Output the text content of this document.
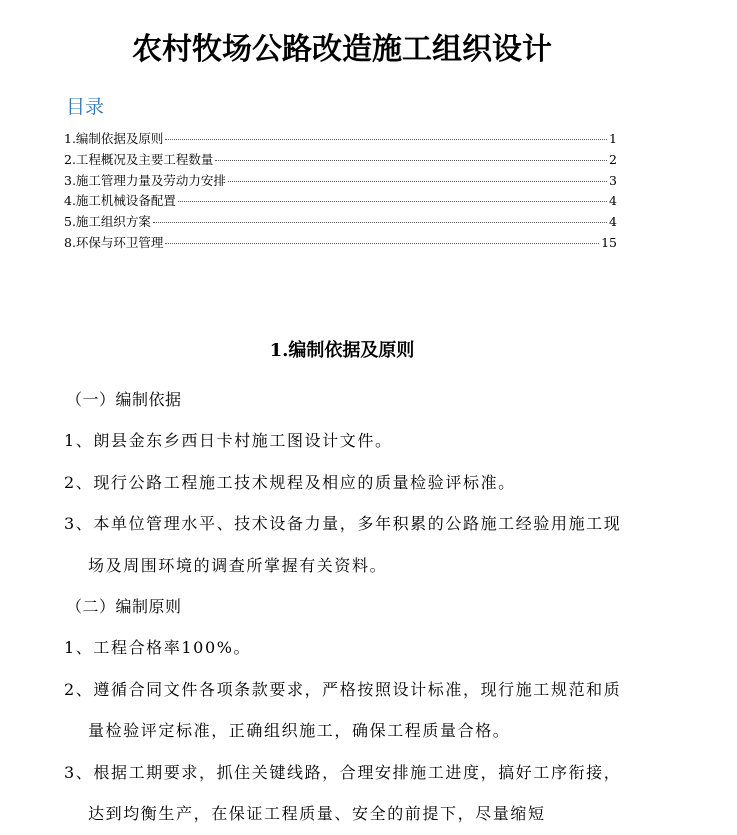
农村牧场公路改造施工组织设计
目录
1.编制依据及原则	1
2.工程概况及主要工程数量	2
3.施工管理力量及劳动力安排	3
4.施工机械设备配置	4
5.施工组织方案	4
8.环保与环卫管理	15
1.编制依据及原则
（一）编制依据

1、朗县金东乡西日卡村施工图设计文件。

2、现行公路工程施工技术规程及相应的质量检验评标准。

3、本单位管理水平、技术设备力量，多年积累的公路施工经验用施工现场及周围环境的调查所掌握有关资料。

（二）编制原则

1、工程合格率100%。

2、遵循合同文件各项条款要求，严格按照设计标准，现行施工规范和质量检验评定标准，正确组织施工，确保工程质量合格。

3、根据工期要求，抓住关键线路，合理安排施工进度，搞好工序衔接，达到均衡生产，在保证工程质量、安全的前提下，尽量缩短
